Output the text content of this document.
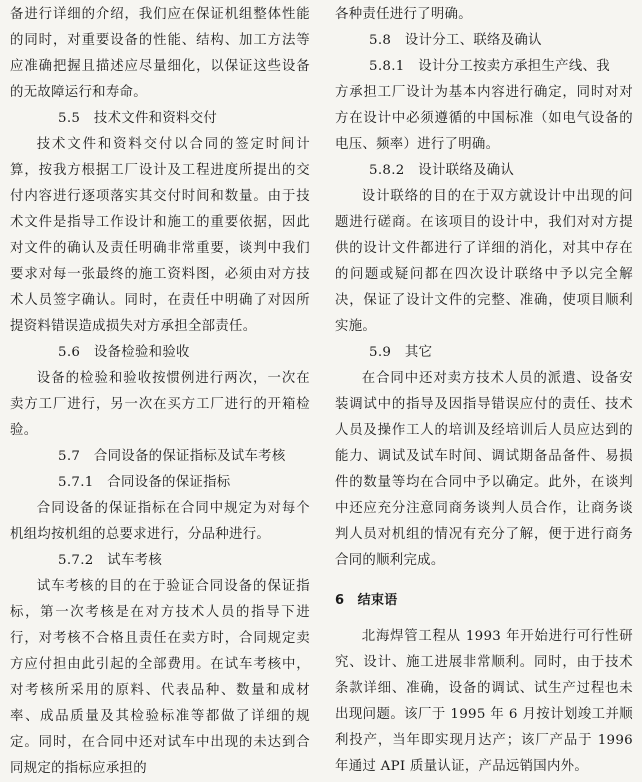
备进行详细的介绍，我们应在保证机组整体性能的同时，对重要设备的性能、结构、加工方法等应准确把握且描述应尽量细化，以保证这些设备的无故障运行和寿命。

5.5　技术文件和资料交付

技术文件和资料交付以合同的签定时间计算，按我方根据工厂设计及工程进度所提出的交付内容进行逐项落实其交付时间和数量。由于技术文件是指导工作设计和施工的重要依据，因此对文件的确认及责任明确非常重要，谈判中我们要求对每一张最终的施工资料图，必须由对方技术人员签字确认。同时，在责任中明确了对因所提资料错误造成损失对方承担全部责任。

5.6　设备检验和验收

设备的检验和验收按惯例进行两次，一次在卖方工厂进行，另一次在买方工厂进行的开箱检验。

5.7　合同设备的保证指标及试车考核

5.7.1　合同设备的保证指标

合同设备的保证指标在合同中规定为对每个机组均按机组的总要求进行，分品种进行。

5.7.2　试车考核

试车考核的目的在于验证合同设备的保证指标，第一次考核是在对方技术人员的指导下进行，对考核不合格且责任在卖方时，合同规定卖方应付担由此引起的全部费用。在试车考核中，对考核所采用的原料、代表品种、数量和成材率、成品质量及其检验标准等都做了详细的规定。同时，在合同中还对试车中出现的未达到合同规定的指标应承担的

各种责任进行了明确。

5.8　设计分工、联络及确认

5.8.1　设计分工按卖方承担生产线、我

方承担工厂设计为基本内容进行确定，同时对对方在设计中必须遵循的中国标准（如电气设备的电压、频率）进行了明确。

5.8.2　设计联络及确认

设计联络的目的在于双方就设计中出现的问题进行磋商。在该项目的设计中，我们对对方提供的设计文件都进行了详细的消化，对其中存在的问题或疑问都在四次设计联络中予以完全解决，保证了设计文件的完整、准确，使项目顺利实施。

5.9　其它

在合同中还对卖方技术人员的派遣、设备安装调试中的指导及因指导错误应付的责任、技术人员及操作工人的培训及经培训后人员应达到的能力、调试及试车时间、调试期备品备件、易损件的数量等均在合同中予以确定。此外，在谈判中还应充分注意同商务谈判人员合作，让商务谈判人员对机组的情况有充分了解，便于进行商务合同的顺利完成。

6　结束语

北海焊管工程从 1993 年开始进行可行性研究、设计、施工进展非常顺利。同时，由于技术条款详细、准确，设备的调试、试生产过程也未出现问题。该厂于 1995 年 6 月按计划竣工并顺利投产，当年即实现月达产；该厂产品于 1996 年通过 API 质量认证，产品远销国内外。
